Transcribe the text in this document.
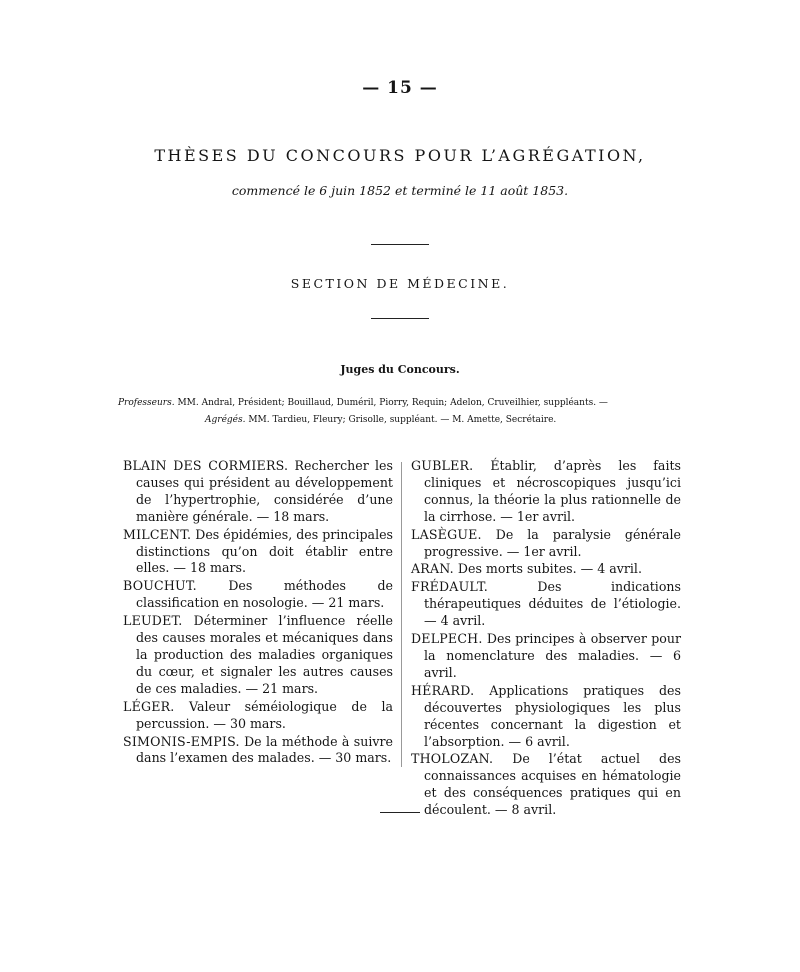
— 15 —
THÈSES DU CONCOURS POUR L’AGRÉGATION,
commencé le 6 juin 1852 et terminé le 11 août 1853.
SECTION DE MÉDECINE.
Juges du Concours.
Professeurs. MM. Andral, Président; Bouillaud, Duméril, Piorry, Requin; Adelon, Cruveilhier, suppléants. —
Agrégés. MM. Tardieu, Fleury; Grisolle, suppléant. — M. Amette, Secrétaire.

BLAIN DES CORMIERS. Rechercher les causes qui président au développement de l’hypertrophie, considérée d’une manière générale. — 18 mars.

MILCENT. Des épidémies, des principales distinctions qu’on doit établir entre elles. — 18 mars.

BOUCHUT.	Des méthodes de classification en nosologie. — 21 mars.

LEUDET. Déterminer l’influence réelle des causes morales et mécaniques dans la production des maladies organiques du cœur, et signaler les autres causes de ces maladies. — 21 mars.

LÉGER. Valeur séméiologique de la percussion. — 30 mars.

SIMONIS-EMPIS. De la méthode à suivre dans l’examen des malades. — 30 mars.

GUBLER. Établir, d’après les faits cliniques et nécroscopiques jusqu’ici connus, la théorie la plus rationnelle de la cirrhose. — 1er avril.

LASÈGUE. De la paralysie générale progressive. — 1er avril.

ARAN. Des morts subites. — 4 avril.

FRÉDAULT.	Des indications thérapeutiques déduites de l’étiologie. — 4 avril.

DELPECH. Des principes à observer pour la nomenclature des maladies. — 6 avril.

HÉRARD. Applications pratiques des découvertes physiologiques les plus récentes concernant la digestion et l’absorption. — 6 avril.

THOLOZAN. De l’état actuel des connaissances acquises en hématologie et des conséquences pratiques qui en découlent. — 8 avril.
